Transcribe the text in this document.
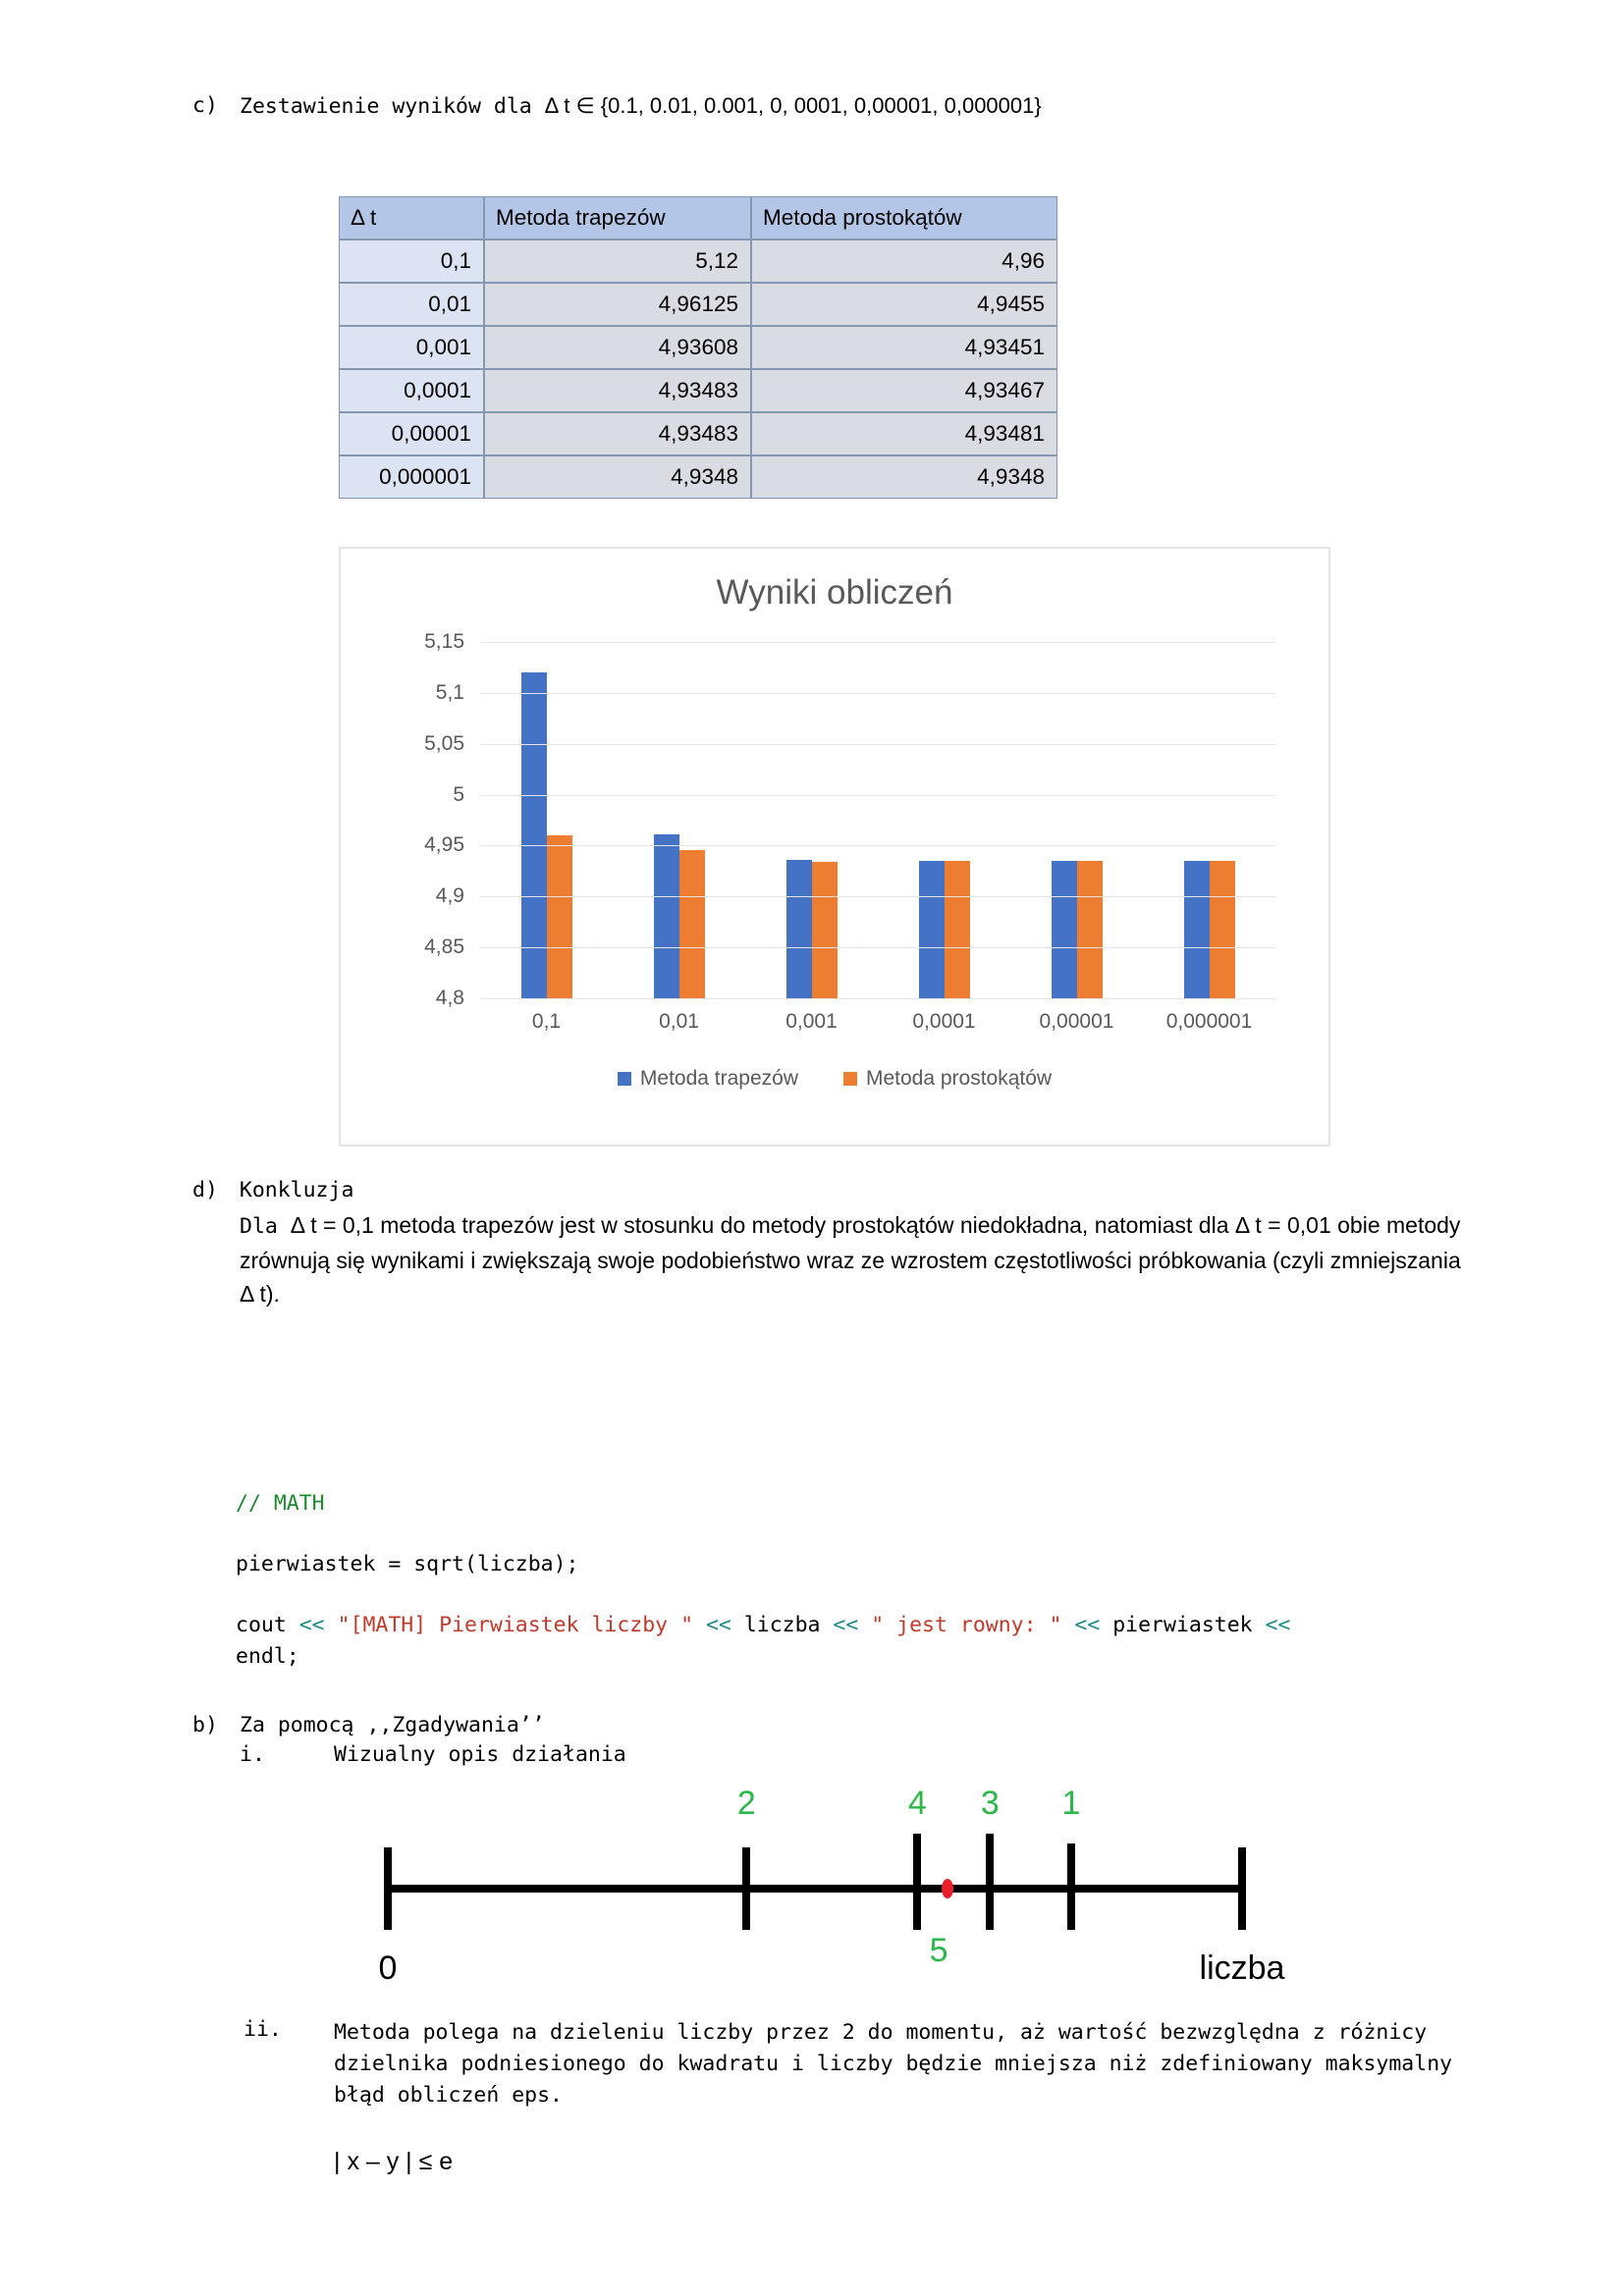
c) Zestawienie wyników dla Δ t ∈ {0.1, 0.01, 0.001, 0, 0001, 0,00001, 0,000001}
Δ t	Metoda trapezów	Metoda prostokątów
0,1	5,12	4,96
0,01	4,96125	4,9455
0,001	4,93608	4,93451
0,0001	4,93483	4,93467
0,00001	4,93483	4,93481
0,000001	4,9348	4,9348
Wyniki obliczeń
4,8
4,85
4,9
4,95
5
5,05
5,1
5,15
0,1	0,01	0,001	0,0001	0,00001	0,000001
Metoda trapezów	Metoda prostokątów
d) Konkluzja
Dla Δ t = 0,1 metoda trapezów jest w stosunku do metody prostokątów niedokładna, natomiast dla Δ t = 0,01 obie metody zrównują się wynikami i zwiększają swoje podobieństwo wraz ze wzrostem częstotliwości próbkowania (czyli zmniejszania Δ t).
// MATH
pierwiastek = sqrt(liczba);
cout << "[MATH] Pierwiastek liczby " << liczba << " jest rowny: " << pierwiastek <<
endl;
b) Za pomocą ,,Zgadywania’’
i.	Wizualny opis działania
2	4 3 1
5
0	liczba
ii.	Metoda polega na dzieleniu liczby przez 2 do momentu, aż wartość bezwzględna z różnicy dzielnika podniesionego do kwadratu i liczby będzie mniejsza niż zdefiniowany maksymalny błąd obliczeń eps.
| x – y | ≤ e
